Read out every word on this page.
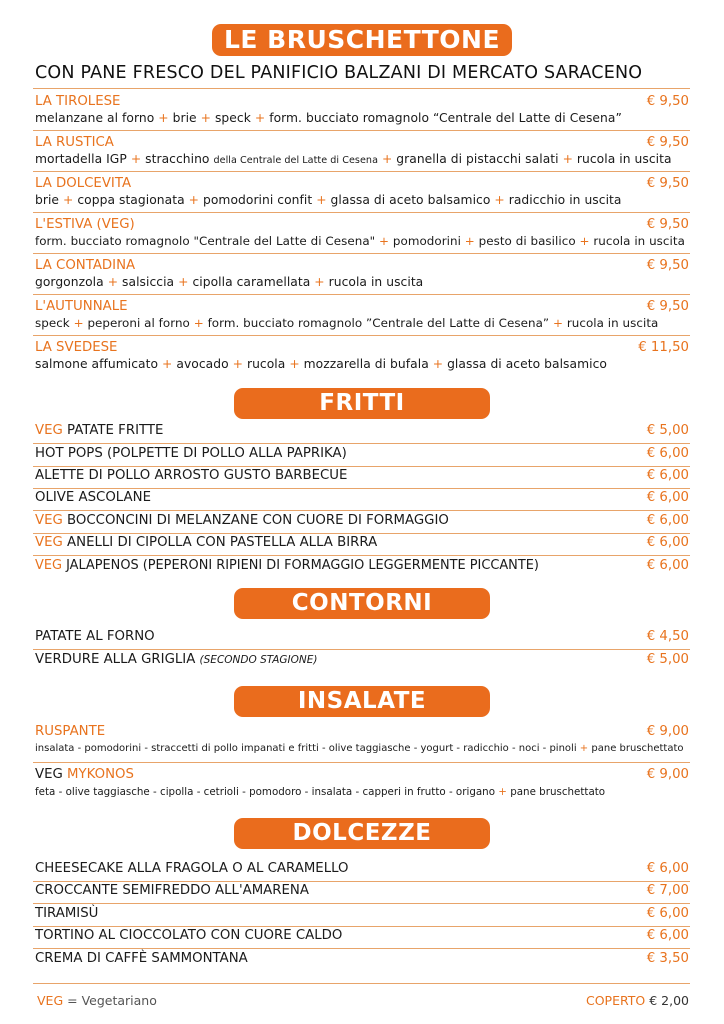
LE BRUSCHETTONE
CON PANE FRESCO DEL PANIFICIO BALZANI DI MERCATO SARACENO
LA TIROLESE	€ 9,50
melanzane al forno + brie + speck + form. bucciato romagnolo “Centrale del Latte di Cesena”
LA RUSTICA	€ 9,50
mortadella IGP + stracchino della Centrale del Latte di Cesena + granella di pistacchi salati + rucola in uscita
LA DOLCEVITA	€ 9,50
brie + coppa stagionata + pomodorini confit + glassa di aceto balsamico + radicchio in uscita
L'ESTIVA (VEG)	€ 9,50
form. bucciato romagnolo "Centrale del Latte di Cesena" + pomodorini + pesto di basilico + rucola in uscita
LA CONTADINA	€ 9,50
gorgonzola + salsiccia + cipolla caramellata + rucola in uscita
L'AUTUNNALE	€ 9,50
speck + peperoni al forno + form. bucciato romagnolo ”Centrale del Latte di Cesena” + rucola in uscita
LA SVEDESE	€ 11,50
salmone affumicato + avocado + rucola + mozzarella di bufala + glassa di aceto balsamico
FRITTI
VEG PATATE FRITTE	€ 5,00
HOT POPS (POLPETTE DI POLLO ALLA PAPRIKA)	€ 6,00
ALETTE DI POLLO ARROSTO GUSTO BARBECUE	€ 6,00
OLIVE ASCOLANE	€ 6,00
VEG BOCCONCINI DI MELANZANE CON CUORE DI FORMAGGIO	€ 6,00
VEG ANELLI DI CIPOLLA CON PASTELLA ALLA BIRRA	€ 6,00
VEG JALAPENOS (PEPERONI RIPIENI DI FORMAGGIO LEGGERMENTE PICCANTE)	€ 6,00
CONTORNI
PATATE AL FORNO	€ 4,50
VERDURE ALLA GRIGLIA (SECONDO STAGIONE)	€ 5,00
INSALATE
RUSPANTE	€ 9,00
insalata - pomodorini - straccetti di pollo impanati e fritti - olive taggiasche - yogurt - radicchio - noci - pinoli + pane bruschettato
VEG MYKONOS	€ 9,00
feta - olive taggiasche - cipolla - cetrioli - pomodoro - insalata - capperi in frutto - origano + pane bruschettato
DOLCEZZE
CHEESECAKE ALLA FRAGOLA O AL CARAMELLO	€ 6,00
CROCCANTE SEMIFREDDO ALL'AMARENA	€ 7,00
TIRAMISÙ	€ 6,00
TORTINO AL CIOCCOLATO CON CUORE CALDO	€ 6,00
CREMA DI CAFFÈ SAMMONTANA	€ 3,50
VEG = Vegetariano	COPERTO € 2,00
